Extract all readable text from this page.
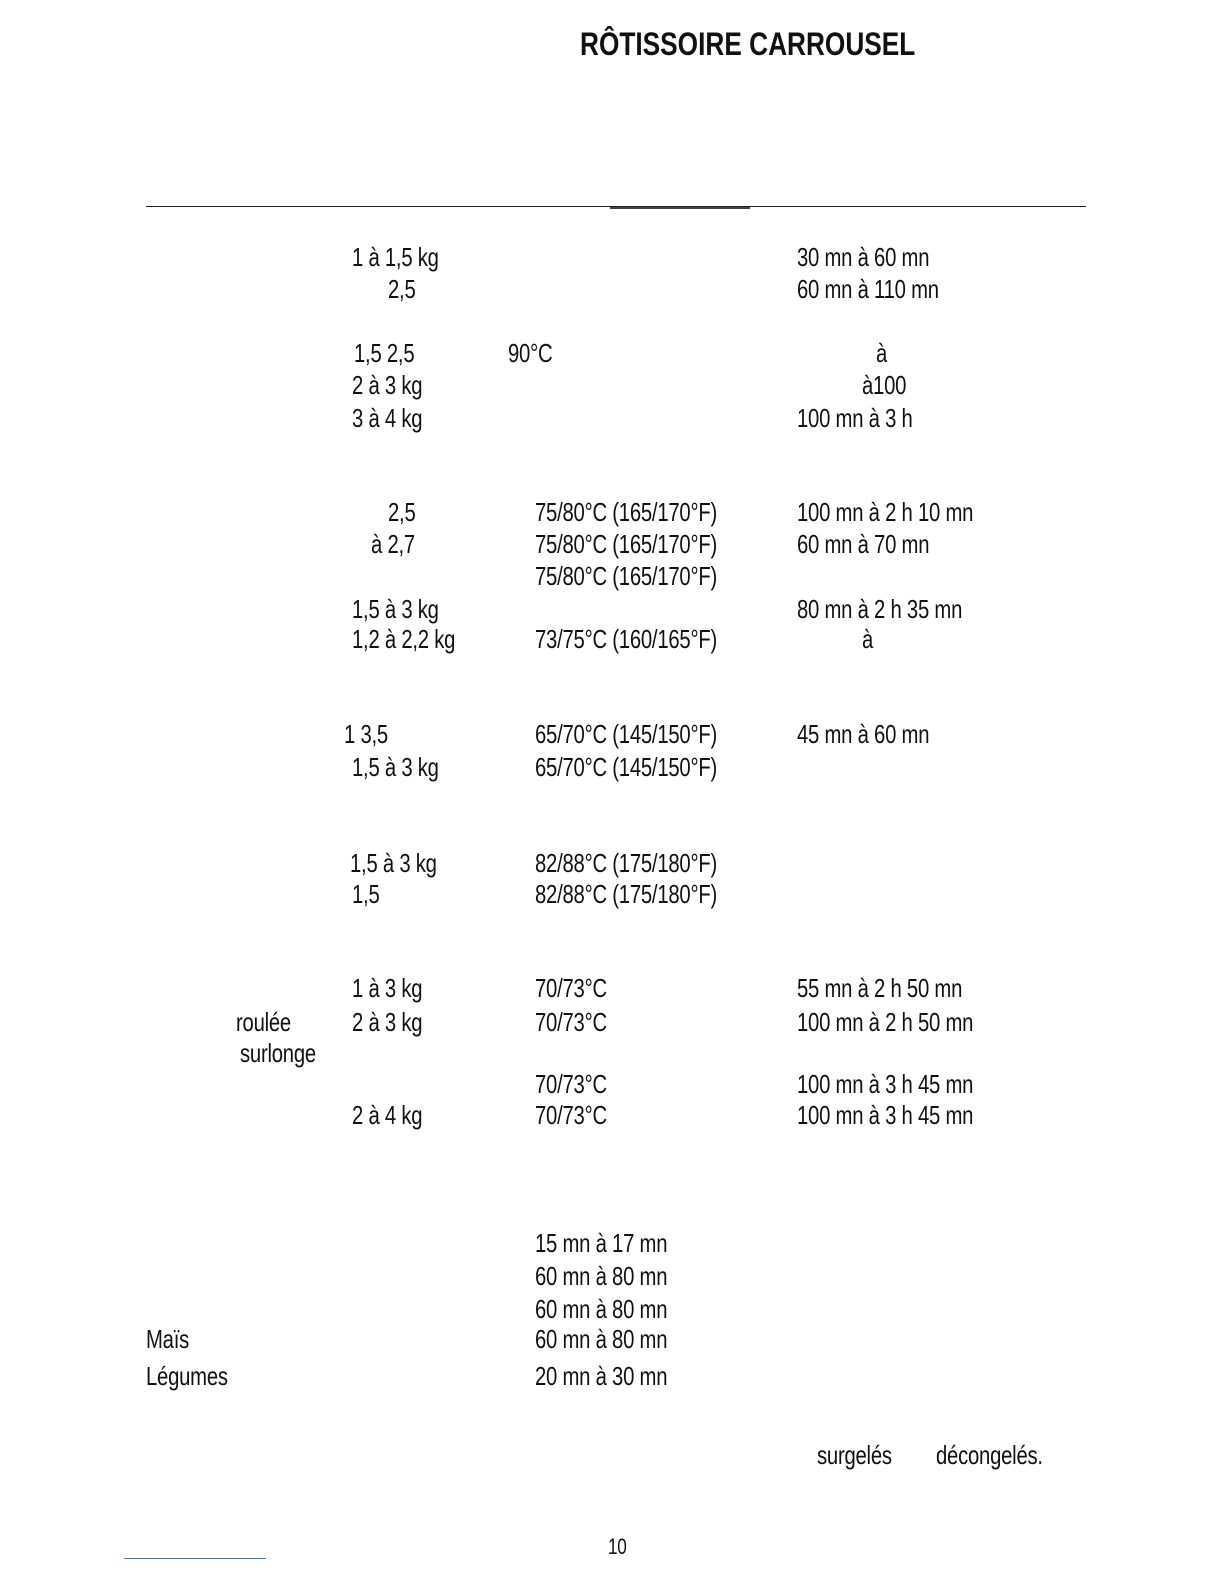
RÔTISSOIRE CARROUSEL
1 à 1,5 kg
2,5
1,5 2,5
2 à 3 kg
3 à 4 kg
2,5
à 2,7
1,5 à 3 kg
1,2 à 2,2 kg
1 3,5
1,5 à 3 kg
1,5 à 3 kg
1,5
1 à 3 kg
2 à 3 kg
2 à 4 kg
roulée
surlonge
90°C
75/80°C (165/170°F)
75/80°C (165/170°F)
75/80°C (165/170°F)
73/75°C (160/165°F)
65/70°C (145/150°F)
65/70°C (145/150°F)
82/88°C (175/180°F)
82/88°C (175/180°F)
70/73°C
70/73°C
70/73°C
70/73°C
30 mn à 60 mn
60 mn à 110 mn
à
à100
100 mn à 3 h
100 mn à 2 h 10 mn
60 mn à 70 mn
80 mn à 2 h 35 mn
à
45 mn à 60 mn
55 mn à 2 h 50 mn
100 mn à 2 h 50 mn
100 mn à 3 h 45 mn
100 mn à 3 h 45 mn
15 mn à 17 mn
60 mn à 80 mn
60 mn à 80 mn
Maïs	60 mn à 80 mn
Légumes	20 mn à 30 mn
surgelés décongelés.
10
